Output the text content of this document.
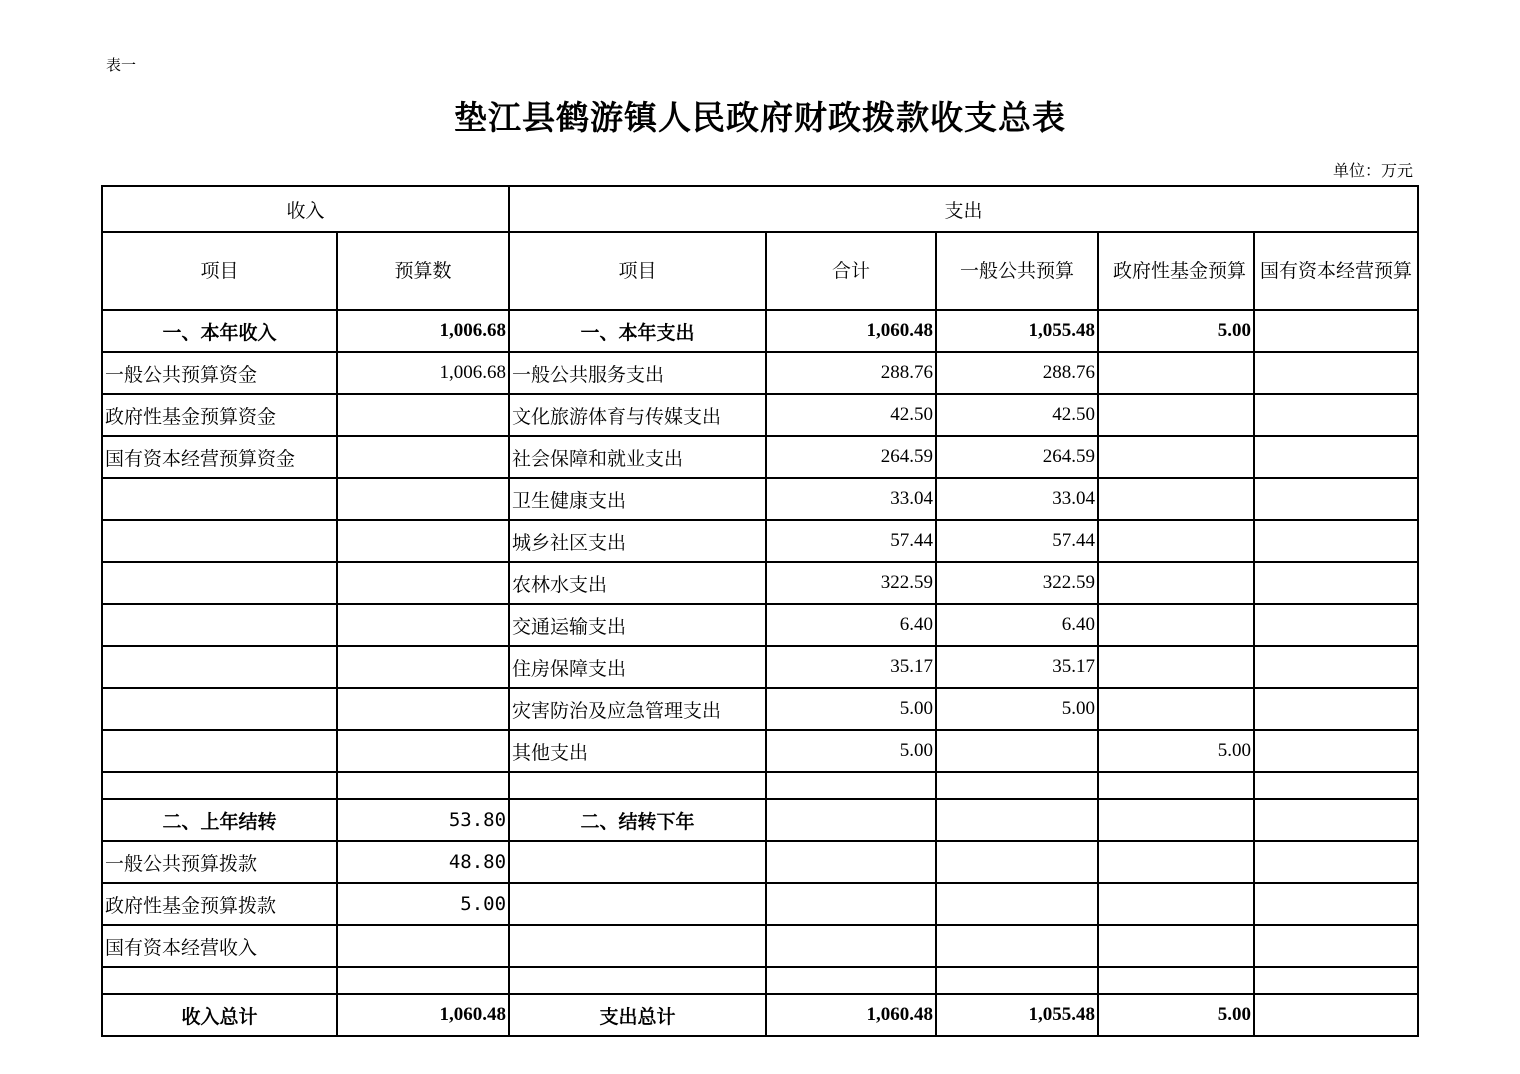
表一
垫江县鹤游镇人民政府财政拨款收支总表
单位：万元
收入		支出				
项目	预算数	项目	合计	一般公共预算	政府性基金预算	国有资本经营预算
一、本年收入	1,006.68	一、本年支出	1,060.48	1,055.48	5.00	
一般公共预算资金	1,006.68	一般公共服务支出	288.76	288.76		
政府性基金预算资金		文化旅游体育与传媒支出	42.50	42.50		
国有资本经营预算资金		社会保障和就业支出	264.59	264.59		
		卫生健康支出	33.04	33.04		
		城乡社区支出	57.44	57.44		
		农林水支出	322.59	322.59		
		交通运输支出	6.40	6.40		
		住房保障支出	35.17	35.17		
		灾害防治及应急管理支出	5.00	5.00		
		其他支出	5.00		5.00	

二、上年结转	53.80	二、结转下年				
一般公共预算拨款	48.80					
政府性基金预算拨款	5.00					
国有资本经营收入						

收入总计	1,060.48	支出总计	1,060.48	1,055.48	5.00	
